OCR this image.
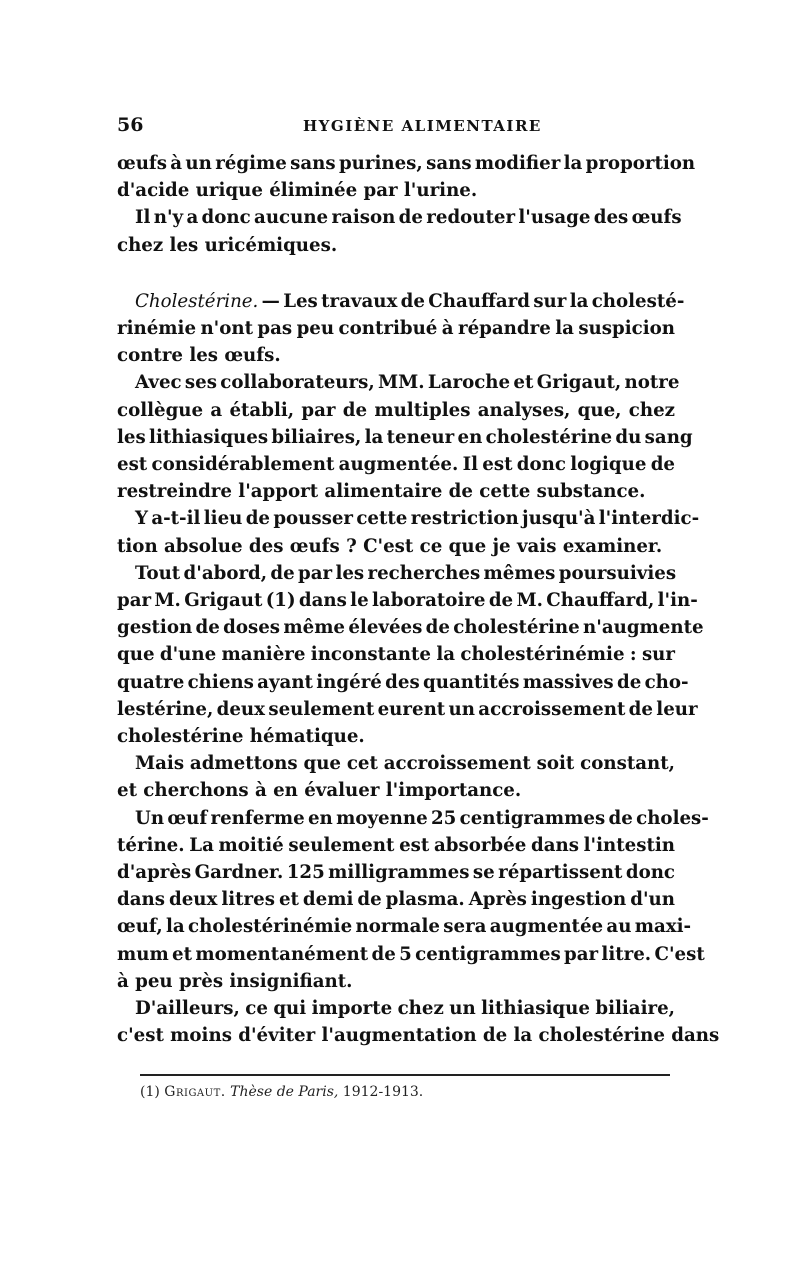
56	HYGIÈNE ALIMENTAIRE

œufs à un régime sans purines, sans modifier la proportion
d'acide urique éliminée par l'urine.

Il n'y a donc aucune raison de redouter l'usage des œufs
chez les uricémiques.

Cholestérine. — Les travaux de Chauffard sur la cholesté-
rinémie n'ont pas peu contribué à répandre la suspicion
contre les œufs.

Avec ses collaborateurs, MM. Laroche et Grigaut, notre
collègue a établi, par de multiples analyses, que, chez
les lithiasiques biliaires, la teneur en cholestérine du sang
est considérablement augmentée. Il est donc logique de
restreindre l'apport alimentaire de cette substance.

Y a-t-il lieu de pousser cette restriction jusqu'à l'interdic-
tion absolue des œufs ? C'est ce que je vais examiner.

Tout d'abord, de par les recherches mêmes poursuivies
par M. Grigaut (1) dans le laboratoire de M. Chauffard, l'in-
gestion de doses même élevées de cholestérine n'augmente
que d'une manière inconstante la cholestérinémie : sur
quatre chiens ayant ingéré des quantités massives de cho-
lestérine, deux seulement eurent un accroissement de leur
cholestérine hématique.

Mais admettons que cet accroissement soit constant,
et cherchons à en évaluer l'importance.

Un œuf renferme en moyenne 25 centigrammes de choles-
térine. La moitié seulement est absorbée dans l'intestin
d'après Gardner. 125 milligrammes se répartissent donc
dans deux litres et demi de plasma. Après ingestion d'un
œuf, la cholestérinémie normale sera augmentée au maxi-
mum et momentanément de 5 centigrammes par litre. C'est
à peu près insignifiant.

D'ailleurs, ce qui importe chez un lithiasique biliaire,
c'est moins d'éviter l'augmentation de la cholestérine dans

(1) Grigaut. Thèse de Paris, 1912-1913.
